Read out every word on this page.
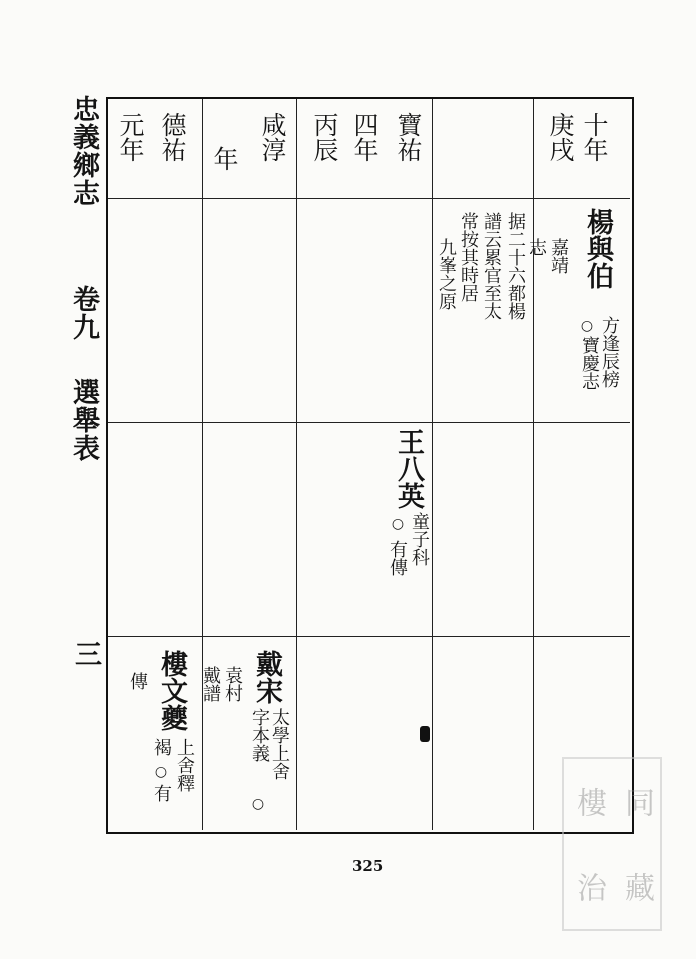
忠義鄉志
卷九
選舉表
三
十年
庚戌
寶祐
四年
丙辰
咸淳
年
德祐
元年
楊與伯
方逢辰榜
○
寶慶志
嘉靖
志
据二十六都楊
譜云累官至太
常按其時居
九峯之原
王八英
童子科
○
有傳
戴宋
太學上舍
字本義
○
袁村
戴譜
樓文夔
上舍釋
褐
○
有
傳
325
樓 同
治 藏
